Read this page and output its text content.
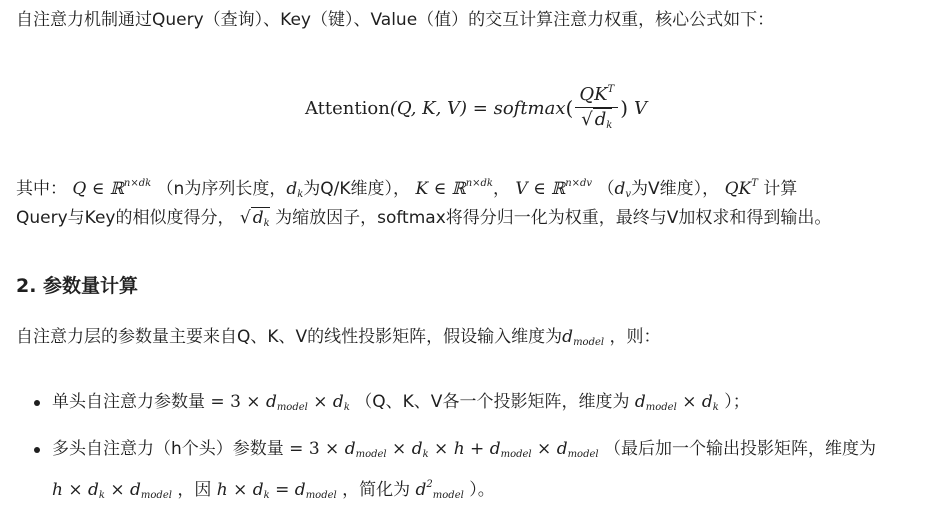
自注意力机制通过Query（查询）、Key（键）、Value（值）的交互计算注意力权重，核心公式如下：
Attention (Q, K, V) = softmax ( $\frac{QK^T}{√ d_k}$ ) V
其中： Q ∈ ℝ$^{n\times dk}$ （n为序列长度，$d_k$为Q/K维度）， K ∈ ℝ$^{n\times dk}$， V ∈ ℝ$^{n\times dv}$ （$d_v$为V维度）， $QK^T$ 计算
Query与Key的相似度得分， √ $d_k$ 为缩放因子，softmax将得分归一化为权重，最终与V加权求和得到输出。
2. 参数量计算
自注意力层的参数量主要来自Q、K、V的线性投影矩阵，假设输入维度为$d_{model}$ ，则：
单头自注意力参数量 = $3 \times d_{model} \times d_k$ （Q、K、V各一个投影矩阵，维度为 $d_{model} \times d_k$ ）；
多头自注意力（h个头）参数量 = $3 \times d_{model} \times d_k \times h + d_{model} \times d_{model}$ （最后加一个输出投影矩阵，维度为
$h \times d_k \times d_{model}$ ，因 $h \times d_k = d_{model}$ ，简化为 $d^2_{model}$ ）。
